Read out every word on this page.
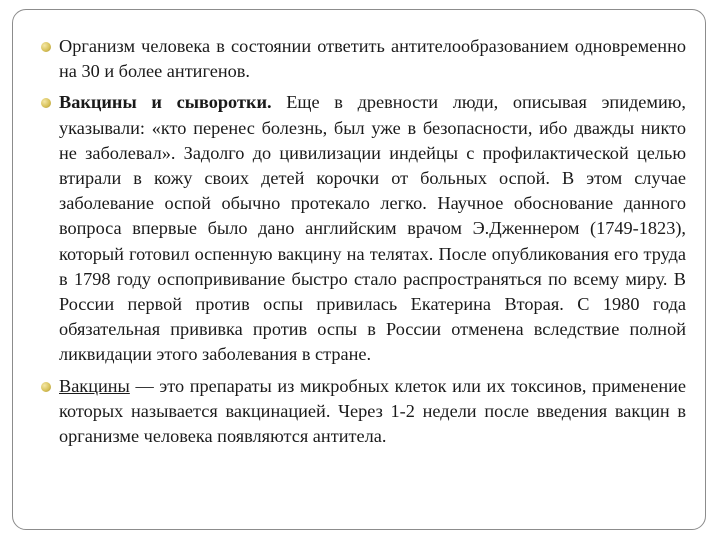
Организм человека в состоянии ответить антителообразованием одновременно на 30 и более антигенов.
Вакцины и сыворотки. Еще в древности люди, описывая эпидемию, указывали: «кто перенес болезнь, был уже в безопасности, ибо дважды никто не заболевал». Задолго до цивилизации индейцы с профилактической целью втирали в кожу своих детей корочки от больных оспой. В этом случае заболевание оспой обычно протекало легко. Научное обоснование данного вопроса впервые было дано английским врачом Э.Дженнером (1749-1823), который готовил оспенную вакцину на телятах. После опубликования его труда в 1798 году оспопрививание быстро стало распространяться по всему миру. В России первой против оспы привилась Екатерина Вторая. С 1980 года обязательная прививка против оспы в России отменена вследствие полной ликвидации этого заболевания в стране.
Вакцины — это препараты из микробных клеток или их токсинов, применение которых называется вакцинацией. Через 1-2 недели после введения вакцин в организме человека появляются антитела.
